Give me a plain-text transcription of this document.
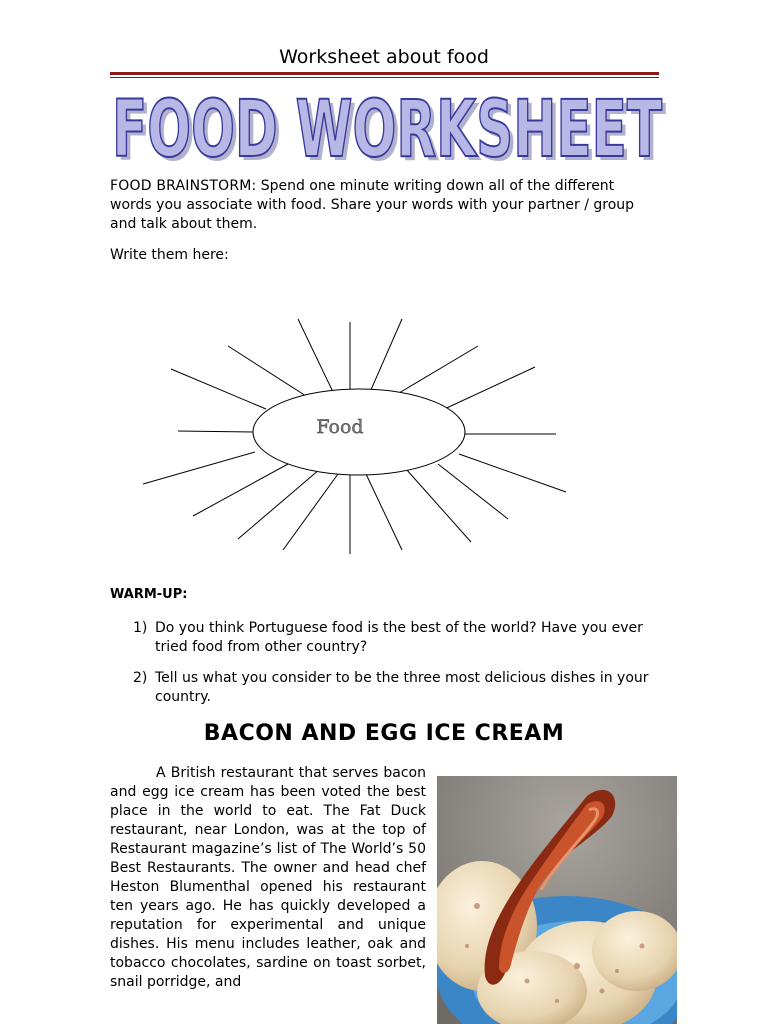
Worksheet about food
FOOD WORKSHEET
FOOD WORKSHEET
FOOD BRAINSTORM: Spend one minute writing down all of the different words you associate with food. Share your words with your partner / group and talk about them.
Write them here:
Food
WARM-UP:
1) Do you think Portuguese food is the best of the world? Have you ever tried food from other country?
2) Tell us what you consider to be the three most delicious dishes in your country.
BACON AND EGG ICE CREAM
A British restaurant that serves bacon and egg ice cream has been voted the best place in the world to eat. The Fat Duck restaurant, near London, was at the top of Restaurant magazine’s list of The World’s 50 Best Restaurants. The owner and head chef Heston Blumenthal opened his restaurant ten years ago. He has quickly developed a reputation for experimental and unique dishes. His menu includes leather, oak and tobacco chocolates, sardine on toast sorbet, snail porridge, and
